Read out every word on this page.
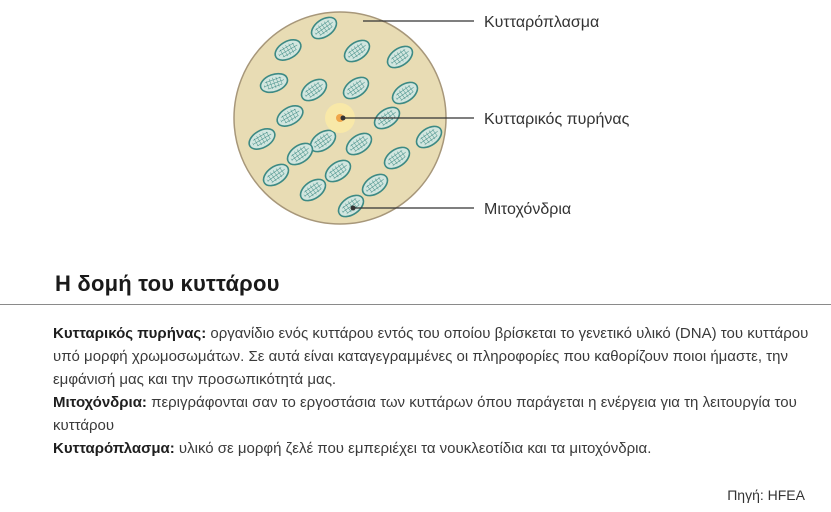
Κυτταρόπλασμα
Κυτταρικός πυρήνας
Μιτοχόνδρια
Η δομή του κυττάρου

Κυτταρικός πυρήνας: οργανίδιο ενός κυττάρου εντός του οποίου βρίσκεται το γενετικό υλικό (DNA) του κυττάρου υπό μορφή χρωμοσωμάτων. Σε αυτά είναι καταγεγραμμένες οι πληροφορίες που καθορίζουν ποιοι ήμαστε, την εμφάνισή μας και την προσωπικότητά μας.

Μιτοχόνδρια: περιγράφονται σαν το εργοστάσια των κυττάρων όπου παράγεται η ενέργεια για τη λειτουργία του κυττάρου

Κυτταρόπλασμα: υλικό σε μορφή ζελέ που εμπεριέχει τα νουκλεοτίδια και τα μιτοχόνδρια.

Πηγή: HFEA
